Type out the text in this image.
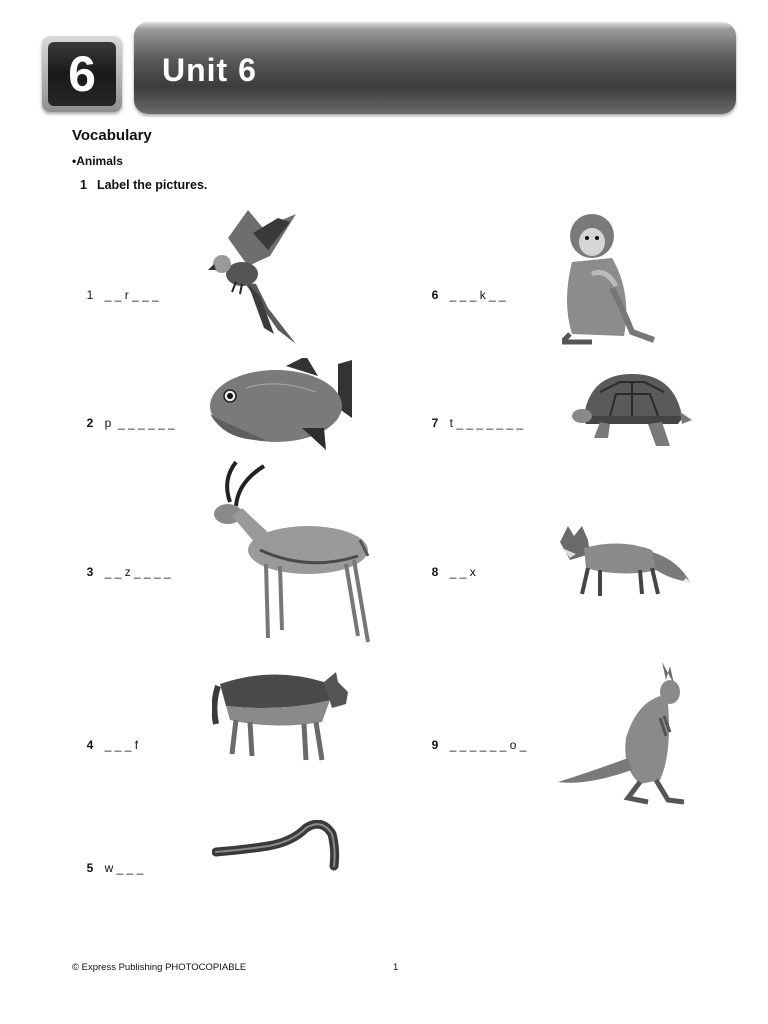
6	Unit 6
Vocabulary
•Animals
1 Label the pictures.

1 _ _ r _ _ _

2 p  _ _ _ _ _ _

3 _ _ z _ _ _ _

4 _ _ _ f

5 w _ _ _

6 _ _ _ k _ _

7 t _ _ _ _ _ _ _

8 _ _ x

9 _ _ _ _ _ _ o _

© Express Publishing PHOTOCOPIABLE	1
